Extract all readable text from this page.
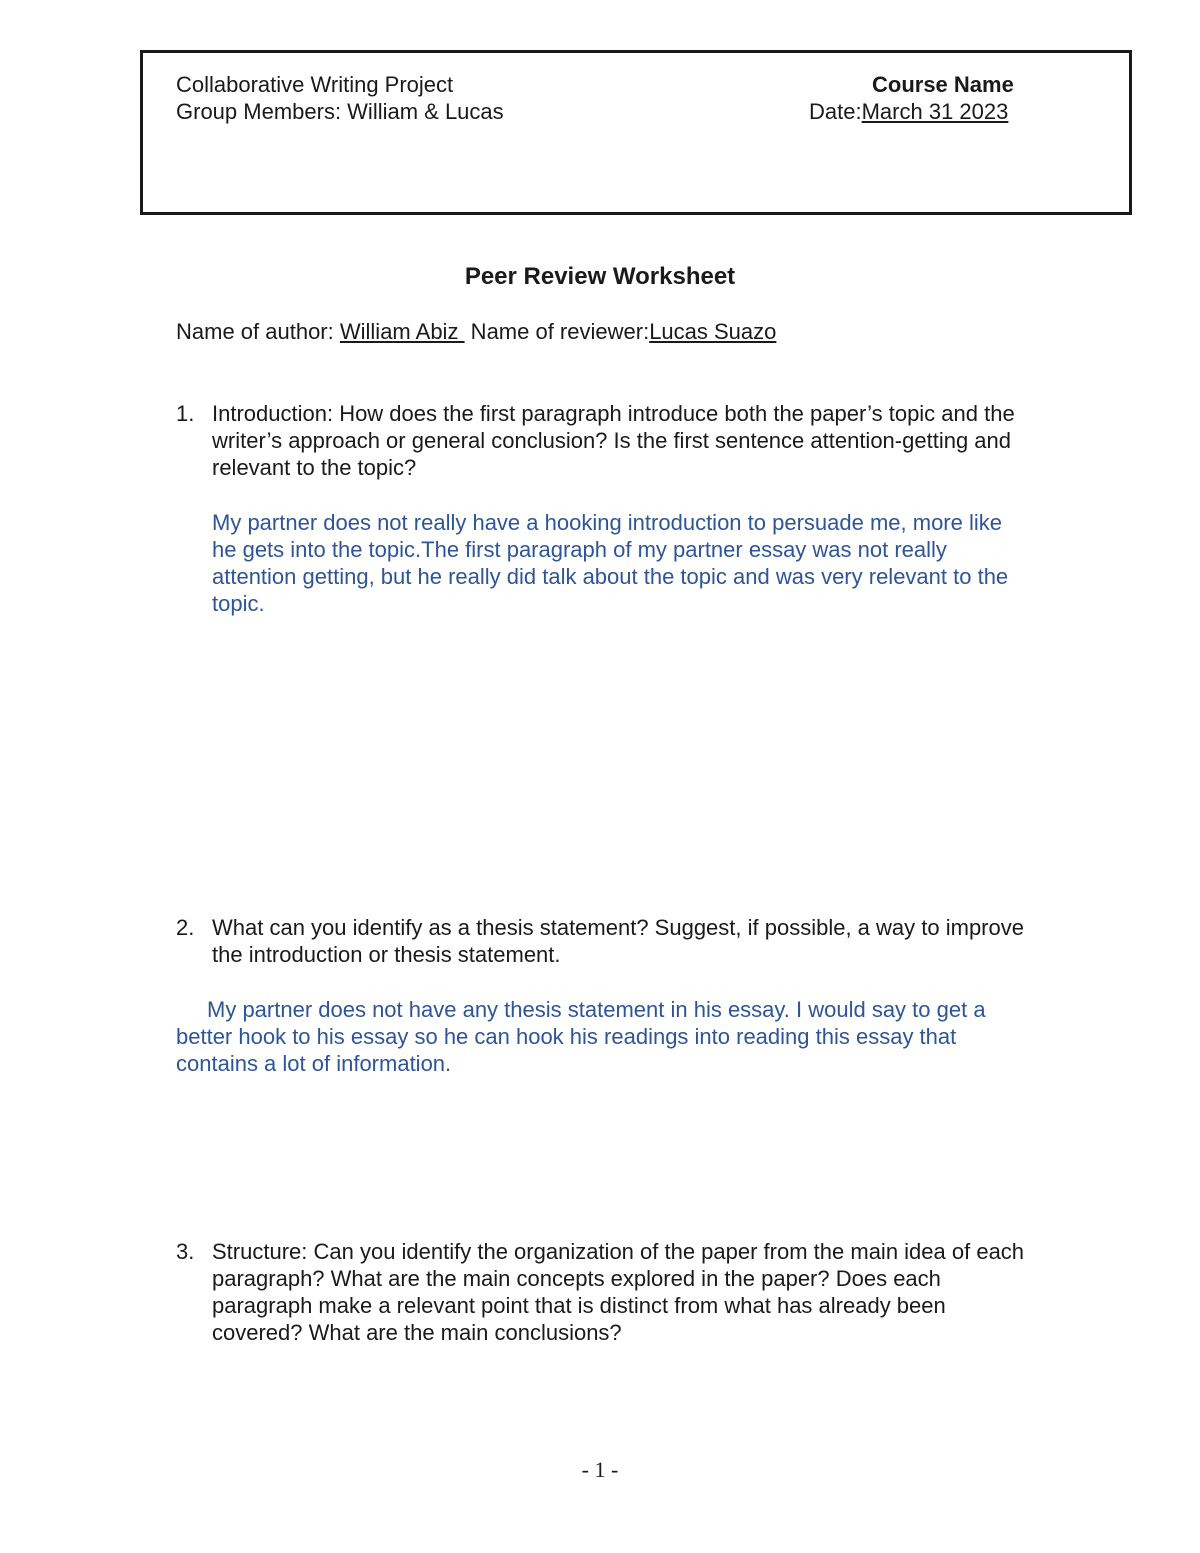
Collaborative Writing Project
Group Members: William & Lucas
Course Name
Date:March 31 2023
Peer Review Worksheet
Name of author: William Abiz  Name of reviewer:Lucas Suazo
1. Introduction: How does the first paragraph introduce both the paper’s topic and the writer’s approach or general conclusion? Is the first sentence attention-getting and relevant to the topic?
My partner does not really have a hooking introduction to persuade me, more like he gets into the topic.The first paragraph of my partner essay was not really attention getting, but he really did talk about the topic and was very relevant to the topic.
2. What can you identify as a thesis statement? Suggest, if possible, a way to improve the introduction or thesis statement.
My partner does not have any thesis statement in his essay. I would say to get a better hook to his essay so he can hook his readings into reading this essay that contains a lot of information.
3. Structure: Can you identify the organization of the paper from the main idea of each paragraph? What are the main concepts explored in the paper? Does each paragraph make a relevant point that is distinct from what has already been covered? What are the main conclusions?
- 1 -
